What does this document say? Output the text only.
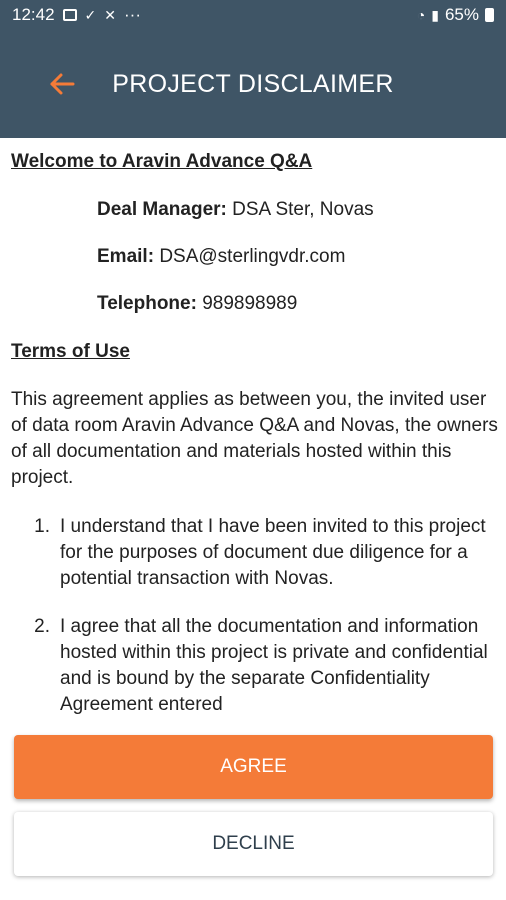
12:42 ✓ ✕ ···	◔ ▮ 65%
PROJECT DISCLAIMER
Welcome to Aravin Advance Q&A
Deal Manager: DSA Ster, Novas
Email: DSA@sterlingvdr.com
Telephone: 989898989
Terms of Use
This agreement applies as between you, the invited user of data room Aravin Advance Q&A and Novas, the owners of all documentation and materials hosted within this project.
1. I understand that I have been invited to this project for the purposes of document due diligence for a potential transaction with Novas.
2. I agree that all the documentation and information hosted within this project is private and confidential and is bound by the separate Confidentiality Agreement entered
AGREE
DECLINE
